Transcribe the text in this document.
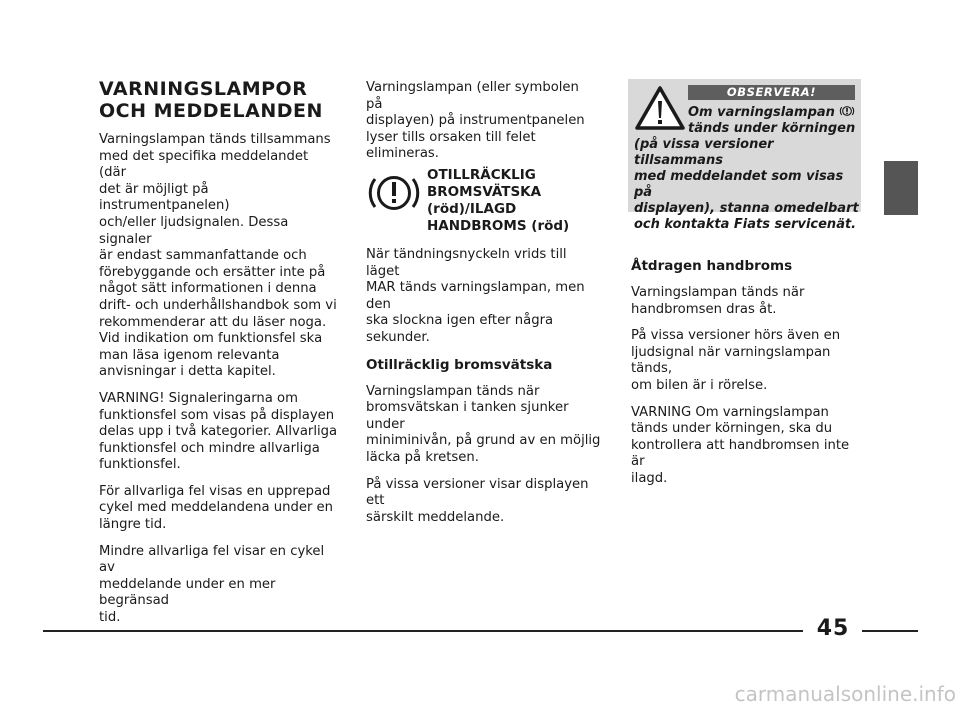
VARNINGSLAMPOR
OCH MEDDELANDEN

Varningslampan tänds tillsammans
med det specifika meddelandet (där
det är möjligt på instrumentpanelen)
och/eller ljudsignalen. Dessa signaler
är endast sammanfattande och
förebyggande och ersätter inte på
något sätt informationen i denna
drift- och underhållshandbok som vi
rekommenderar att du läser noga.
Vid indikation om funktionsfel ska
man läsa igenom relevanta
anvisningar i detta kapitel.

VARNING! Signaleringarna om
funktionsfel som visas på displayen
delas upp i två kategorier. Allvarliga
funktionsfel och mindre allvarliga
funktionsfel.

För allvarliga fel visas en upprepad
cykel med meddelandena under en
längre tid.

Mindre allvarliga fel visar en cykel av
meddelande under en mer begränsad
tid.

Varningslampan (eller symbolen på
displayen) på instrumentpanelen
lyser tills orsaken till felet elimineras.

OTILLRÄCKLIG
BROMSVÄTSKA
(röd)/ILAGD
HANDBROMS (röd)

När tändningsnyckeln vrids till läget
MAR tänds varningslampan, men den
ska slockna igen efter några
sekunder.

Otillräcklig bromsvätska

Varningslampan tänds när
bromsvätskan i tanken sjunker under
miniminivån, på grund av en möjlig
läcka på kretsen.

På vissa versioner visar displayen ett
särskilt meddelande.

OBSERVERA!
Om varningslampan
tänds under körningen
(på vissa versioner tillsammans
med meddelandet som visas på
displayen), stanna omedelbart
och kontakta Fiats servicenät.

Åtdragen handbroms

Varningslampan tänds när
handbromsen dras åt.

På vissa versioner hörs även en
ljudsignal när varningslampan tänds,
om bilen är i rörelse.

VARNING Om varningslampan
tänds under körningen, ska du
kontrollera att handbromsen inte är
ilagd.

45
carmanualsonline.info
